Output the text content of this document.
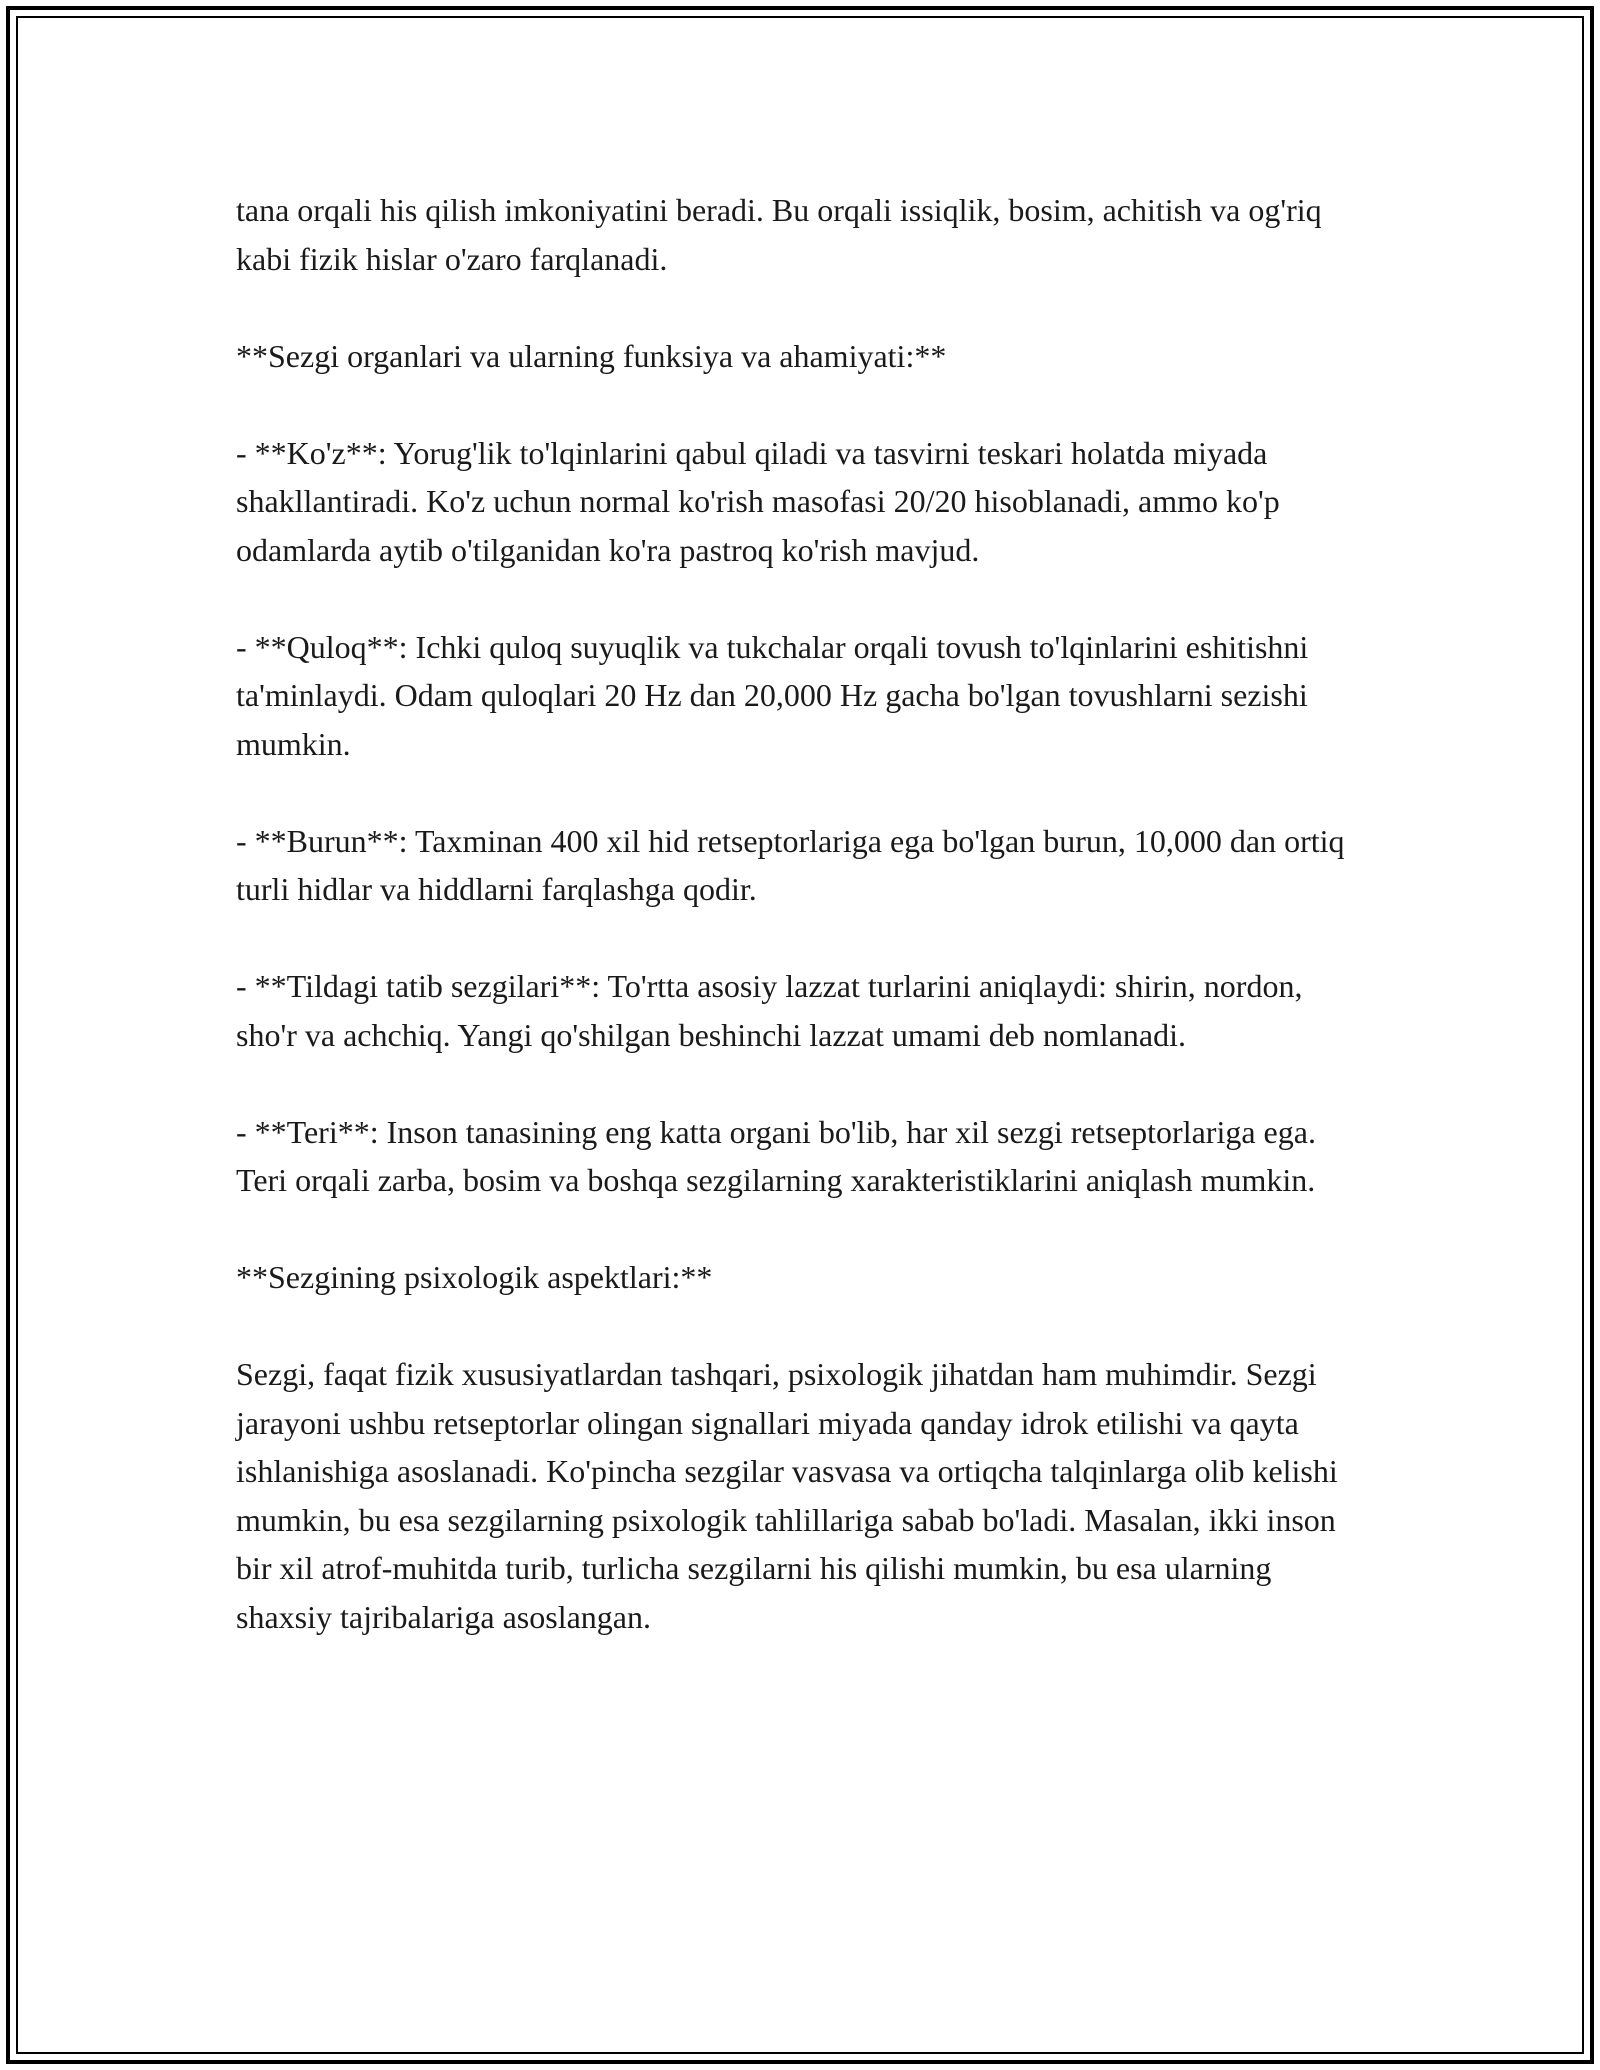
tana orqali his qilish imkoniyatini beradi. Bu orqali issiqlik, bosim, achitish va og'riq kabi fizik hislar o'zaro farqlanadi.

**Sezgi organlari va ularning funksiya va ahamiyati:**

- **Ko'z**: Yorug'lik to'lqinlarini qabul qiladi va tasvirni teskari holatda miyada shakllantiradi. Ko'z uchun normal ko'rish masofasi 20/20 hisoblanadi, ammo ko'p odamlarda aytib o'tilganidan ko'ra pastroq ko'rish mavjud.

- **Quloq**: Ichki quloq suyuqlik va tukchalar orqali tovush to'lqinlarini eshitishni ta'minlaydi. Odam quloqlari 20 Hz dan 20,000 Hz gacha bo'lgan tovushlarni sezishi mumkin.

- **Burun**: Taxminan 400 xil hid retseptorlariga ega bo'lgan burun, 10,000 dan ortiq turli hidlar va hiddlarni farqlashga qodir.

- **Tildagi tatib sezgilari**: To'rtta asosiy lazzat turlarini aniqlaydi: shirin, nordon, sho'r va achchiq. Yangi qo'shilgan beshinchi lazzat umami deb nomlanadi.

- **Teri**: Inson tanasining eng katta organi bo'lib, har xil sezgi retseptorlariga ega. Teri orqali zarba, bosim va boshqa sezgilarning xarakteristiklarini aniqlash mumkin.

**Sezgining psixologik aspektlari:**

Sezgi, faqat fizik xususiyatlardan tashqari, psixologik jihatdan ham muhimdir. Sezgi jarayoni ushbu retseptorlar olingan signallari miyada qanday idrok etilishi va qayta ishlanishiga asoslanadi. Ko'pincha sezgilar vasvasa va ortiqcha talqinlarga olib kelishi mumkin, bu esa sezgilarning psixologik tahlillariga sabab bo'ladi. Masalan, ikki inson bir xil atrof-muhitda turib, turlicha sezgilarni his qilishi mumkin, bu esa ularning shaxsiy tajribalariga asoslangan.
